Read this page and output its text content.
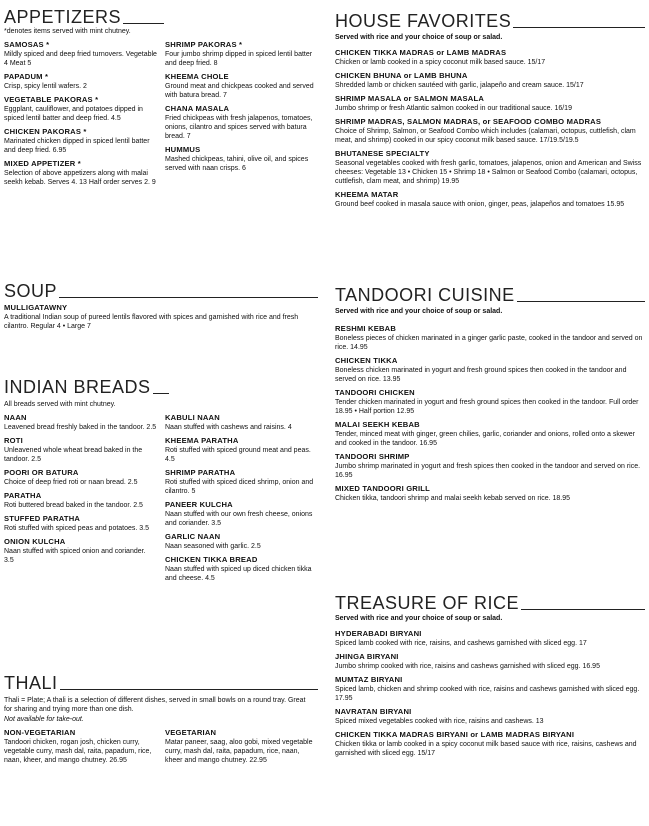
APPETIZERS
*denotes items served with mint chutney.
SAMOSAS *
Mildly spiced and deep fried turnovers. Vegetable 4 Meat 5
PAPADUM *
Crisp, spicy lentil wafers. 2
VEGETABLE PAKORAS *
Eggplant, cauliflower, and potatoes dipped in spiced lentil batter and deep fried. 4.5
CHICKEN PAKORAS *
Marinated chicken dipped in spiced lentil batter and deep fried. 6.95
MIXED APPETIZER *
Selection of above appetizers along with malai seekh kebab. Serves 4. 13 Half order serves 2. 9
SHRIMP PAKORAS *
Four jumbo shrimp dipped in spiced lentil batter and deep fried. 8
KHEEMA CHOLE
Ground meat and chickpeas cooked and served with batura bread. 7
CHANA MASALA
Fried chickpeas with fresh jalapenos, tomatoes, onions, cilantro and spices served with batura bread. 7
HUMMUS
Mashed chickpeas, tahini, olive oil, and spices served with naan crisps. 6
SOUP
MULLIGATAWNY
A traditional Indian soup of pureed lentils flavored with spices and garnished with rice and fresh cilantro. Regular 4 • Large 7
INDIAN BREADS
All breads served with mint chutney.
NAAN
Leavened bread freshly baked in the tandoor. 2.5
ROTI
Unleavened whole wheat bread baked in the tandoor. 2.5
POORI OR BATURA
Choice of deep fried roti or naan bread. 2.5
PARATHA
Roti buttered bread baked in the tandoor. 2.5
STUFFED PARATHA
Roti stuffed with spiced peas and potatoes. 3.5
ONION KULCHA
Naan stuffed with spiced onion and coriander. 3.5
KABULI NAAN
Naan stuffed with cashews and raisins. 4
KHEEMA PARATHA
Roti stuffed with spiced ground meat and peas. 4.5
SHRIMP PARATHA
Roti stuffed with spiced diced shrimp, onion and cilantro. 5
PANEER KULCHA
Naan stuffed with our own fresh cheese, onions and coriander. 3.5
GARLIC NAAN
Naan seasoned with garlic. 2.5
CHICKEN TIKKA BREAD
Naan stuffed with spiced up diced chicken tikka and cheese. 4.5
THALI
Thali = Plate; A thali is a selection of different dishes, served in small bowls on a round tray. Great for sharing and trying more than one dish.
Not available for take-out.
NON-VEGETARIAN
Tandoori chicken, rogan josh, chicken curry, vegetable curry, mash dal, raita, papadum, rice, naan, kheer, and mango chutney. 26.95
VEGETARIAN
Matar paneer, saag, aloo gobi, mixed vegetable curry, mash dal, raita, papadum, rice, naan, kheer and mango chutney. 22.95
HOUSE FAVORITES
Served with rice and your choice of soup or salad.
CHICKEN TIKKA MADRAS or LAMB MADRAS
Chicken or lamb cooked in a spicy coconut milk based sauce. 15/17
CHICKEN BHUNA or LAMB BHUNA
Shredded lamb or chicken sautéed with garlic, jalapeño and cream sauce. 15/17
SHRIMP MASALA or SALMON MASALA
Jumbo shrimp or fresh Atlantic salmon cooked in our traditional sauce. 16/19
SHRIMP MADRAS, SALMON MADRAS, or SEAFOOD COMBO MADRAS
Choice of Shrimp, Salmon, or Seafood Combo which includes (calamari, octopus, cuttlefish, clam meat, and shrimp) cooked in our spicy coconut milk based sauce. 17/19.5/19.5
BHUTANESE SPECIALTY
Seasonal vegetables cooked with fresh garlic, tomatoes, jalapenos, onion and American and Swiss cheeses: Vegetable 13 • Chicken 15 • Shrimp 18 • Salmon or Seafood Combo (calamari, octopus, cuttlefish, clam meat, and shrimp) 19.95
KHEEMA MATAR
Ground beef cooked in masala sauce with onion, ginger, peas, jalapeños and tomatoes 15.95
TANDOORI CUISINE
Served with rice and your choice of soup or salad.
RESHMI KEBAB
Boneless pieces of chicken marinated in a ginger garlic paste, cooked in the tandoor and served on rice. 14.95
CHICKEN TIKKA
Boneless chicken marinated in yogurt and fresh ground spices then cooked in the tandoor and served on rice. 13.95
TANDOORI CHICKEN
Tender chicken marinated in yogurt and fresh ground spices then cooked in the tandoor. Full order 18.95 • Half portion 12.95
MALAI SEEKH KEBAB
Tender, minced meat with ginger, green chilies, garlic, coriander and onions, rolled onto a skewer and cooked in the tandoor. 16.95
TANDOORI SHRIMP
Jumbo shrimp marinated in yogurt and fresh spices then cooked in the tandoor and served on rice. 16.95
MIXED TANDOORI GRILL
Chicken tikka, tandoori shrimp and malai seekh kebab served on rice. 18.95
TREASURE OF RICE
Served with rice and your choice of soup or salad.
HYDERABADI BIRYANI
Spiced lamb cooked with rice, raisins, and cashews garnished with sliced egg. 17
JHINGA BIRYANI
Jumbo shrimp cooked with rice, raisins and cashews garnished with sliced egg. 16.95
MUMTAZ BIRYANI
Spiced lamb, chicken and shrimp cooked with rice, raisins and cashews garnished with sliced egg. 17.95
NAVRATAN BIRYANI
Spiced mixed vegetables cooked with rice, raisins and cashews. 13
CHICKEN TIKKA MADRAS BIRYANI or LAMB MADRAS BIRYANI
Chicken tikka or lamb cooked in a spicy coconut milk based sauce with rice, raisins, cashews and garnished with sliced egg. 15/17
